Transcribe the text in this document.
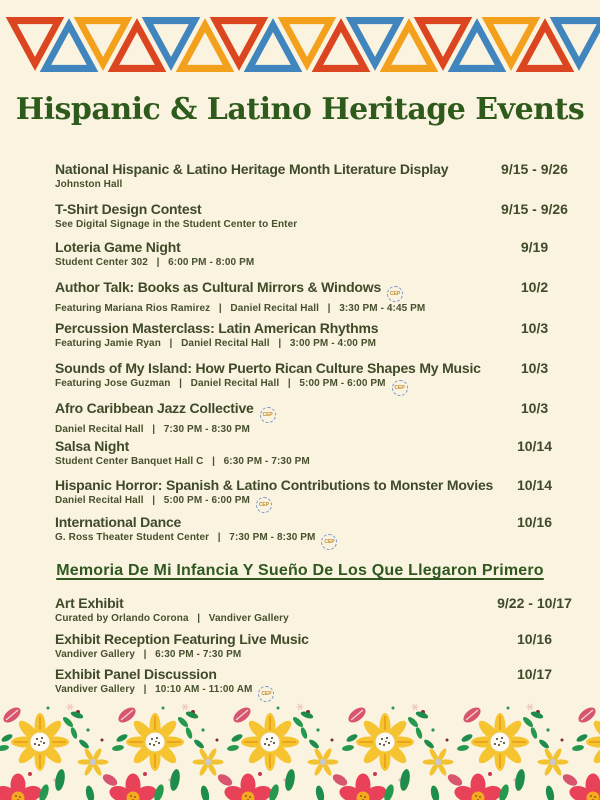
Hispanic & Latino Heritage Events
National Hispanic & Latino Heritage Month Literature Display
Johnston Hall
9/15 - 9/26
T-Shirt Design Contest
See Digital Signage in the Student Center to Enter
9/15 - 9/26
Loteria Game Night
Student Center 302   |   6:00 PM - 8:00 PM
9/19
Author Talk: Books as Cultural Mirrors & Windows CEP
Featuring Mariana Rios Ramirez   |   Daniel Recital Hall   |   3:30 PM - 4:45 PM
10/2
Percussion Masterclass: Latin American Rhythms
Featuring Jamie Ryan   |   Daniel Recital Hall   |   3:00 PM - 4:00 PM
10/3
Sounds of My Island: How Puerto Rican Culture Shapes My Music
Featuring Jose Guzman   |   Daniel Recital Hall   |   5:00 PM - 6:00 PM CEP
10/3
Afro Caribbean Jazz Collective CEP
Daniel Recital Hall   |   7:30 PM - 8:30 PM
10/3
Salsa Night
Student Center Banquet Hall C   |   6:30 PM - 7:30 PM
10/14
Hispanic Horror: Spanish & Latino Contributions to Monster Movies
Daniel Recital Hall   |   5:00 PM - 6:00 PM CEP
10/14
International Dance
G. Ross Theater Student Center   |   7:30 PM - 8:30 PM CEP
10/16
Memoria De Mi Infancia Y Sueño De Los Que Llegaron Primero
Art Exhibit
Curated by Orlando Corona   |   Vandiver Gallery
9/22 - 10/17
Exhibit Reception Featuring Live Music
Vandiver Gallery   |   6:30 PM - 7:30 PM
10/16
Exhibit Panel Discussion
Vandiver Gallery   |   10:10 AM - 11:00 AM CEP
10/17
